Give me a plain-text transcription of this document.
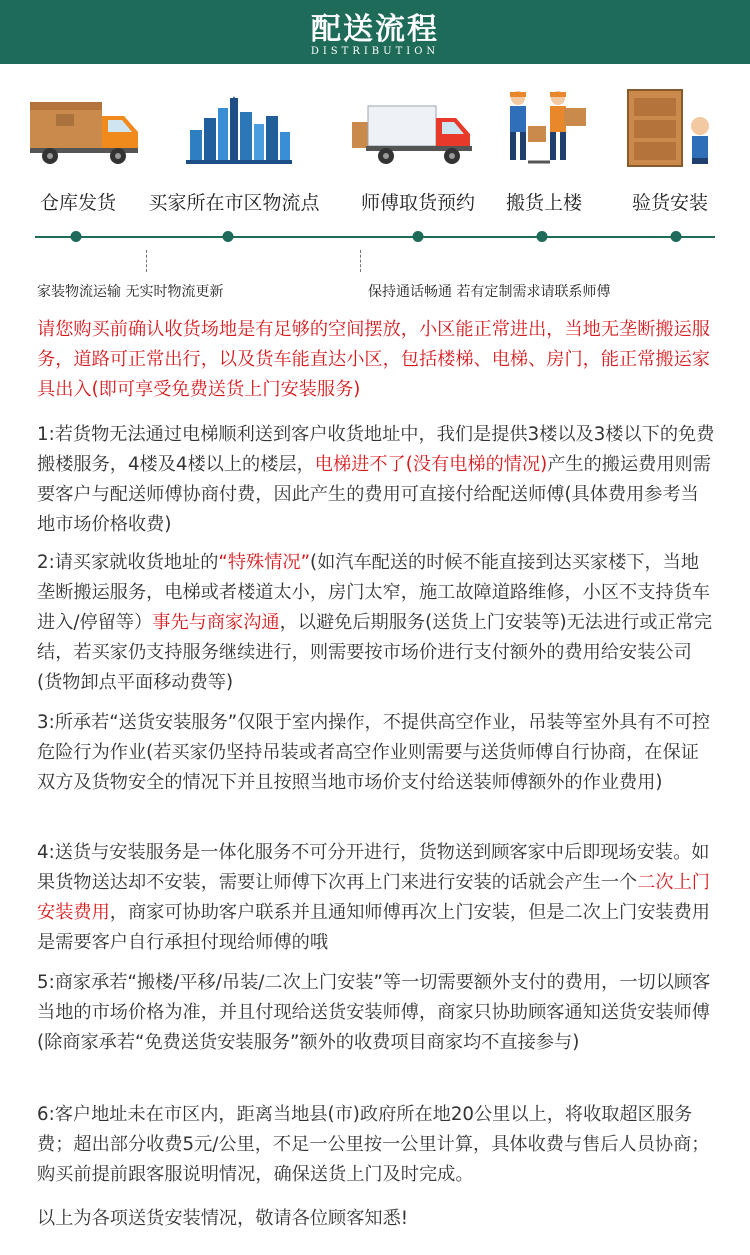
配送流程
DISTRIBUTION
仓库发货 买家所在市区物流点 师傅取货预约 搬货上楼	验货安装
家装物流运输 无实时物流更新	保持通话畅通 若有定制需求请联系师傅

请您购买前确认收货场地是有足够的空间摆放，小区能正常进出，当地无垄断搬运服务，道路可正常出行，以及货车能直达小区，包括楼梯、电梯、房门，能正常搬运家具出入(即可享受免费送货上门安装服务)

1:若货物无法通过电梯顺利送到客户收货地址中，我们是提供3楼以及3楼以下的免费搬楼服务，4楼及4楼以上的楼层，电梯进不了(没有电梯的情况)产生的搬运费用则需要客户与配送师傅协商付费，因此产生的费用可直接付给配送师傅(具体费用参考当地市场价格收费)

2:请买家就收货地址的“特殊情况”(如汽车配送的时候不能直接到达买家楼下，当地垄断搬运服务，电梯或者楼道太小，房门太窄，施工故障道路维修，小区不支持货车进入/停留等）事先与商家沟通，以避免后期服务(送货上门安装等)无法进行或正常完结，若买家仍支持服务继续进行，则需要按市场价进行支付额外的费用给安装公司(货物卸点平面移动费等)

3:所承若“送货安装服务”仅限于室内操作，不提供高空作业，吊装等室外具有不可控危险行为作业(若买家仍坚持吊装或者高空作业则需要与送货师傅自行协商，在保证双方及货物安全的情况下并且按照当地市场价支付给送装师傅额外的作业费用)

4:送货与安装服务是一体化服务不可分开进行，货物送到顾客家中后即现场安装。如果货物送达却不安装，需要让师傅下次再上门来进行安装的话就会产生一个二次上门安装费用，商家可协助客户联系并且通知师傅再次上门安装，但是二次上门安装费用是需要客户自行承担付现给师傅的哦

5:商家承若“搬楼/平移/吊装/二次上门安装”等一切需要额外支付的费用，一切以顾客当地的市场价格为准，并且付现给送货安装师傅，商家只协助顾客通知送货安装师傅(除商家承若“免费送货安装服务”额外的收费项目商家均不直接参与)

6:客户地址未在市区内，距离当地县(市)政府所在地20公里以上，将收取超区服务费；超出部分收费5元/公里，不足一公里按一公里计算，具体收费与售后人员协商；购买前提前跟客服说明情况，确保送货上门及时完成。

以上为各项送货安装情况，敬请各位顾客知悉!
